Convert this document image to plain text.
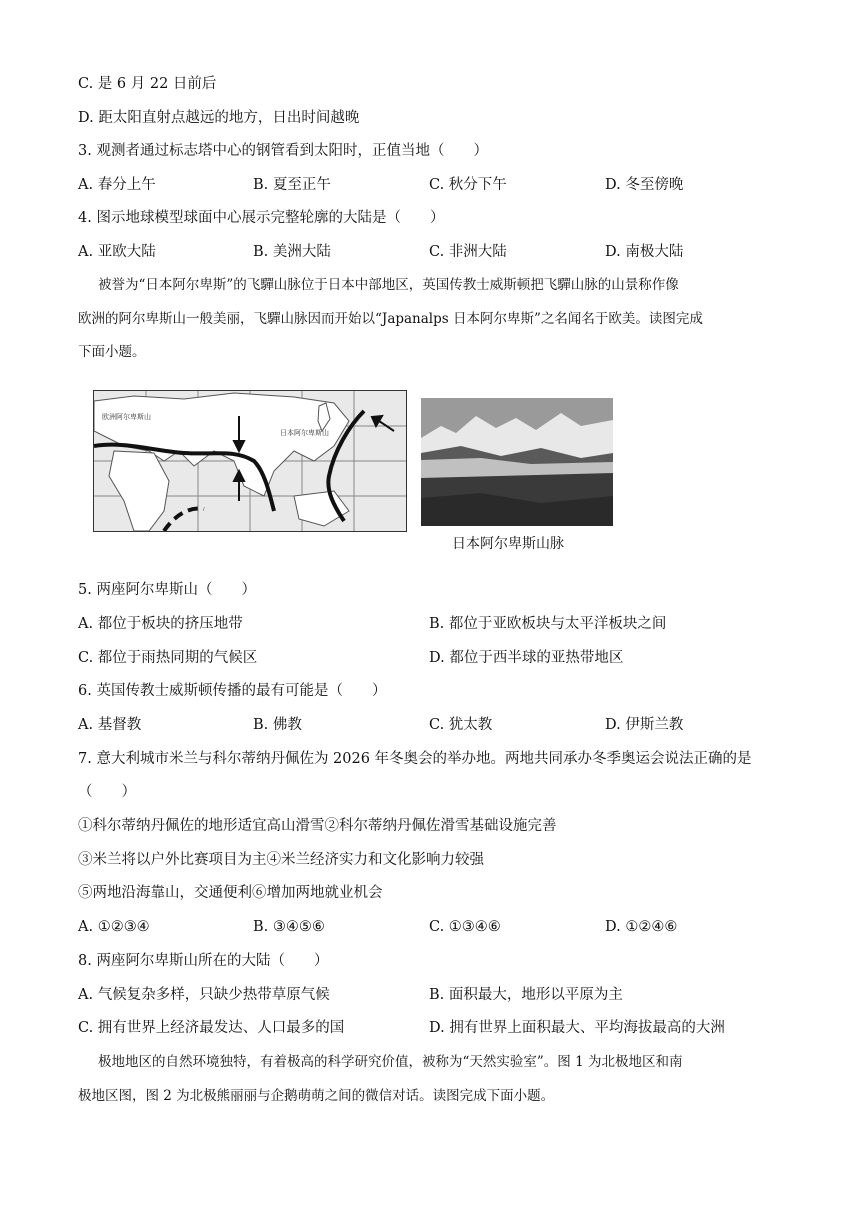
C. 是 6 月 22 日前后
D. 距太阳直射点越远的地方，日出时间越晚
3. 观测者通过标志塔中心的钢管看到太阳时，正值当地（　　）
A. 春分上午	B. 夏至正午	C. 秋分下午	D. 冬至傍晚
4. 图示地球模型球面中心展示完整轮廓的大陆是（　　）
A. 亚欧大陆	B. 美洲大陆	C. 非洲大陆	D. 南极大陆
被誉为“日本阿尔卑斯”的飞驒山脉位于日本中部地区，英国传教士威斯顿把飞驒山脉的山景称作像
欧洲的阿尔卑斯山一般美丽，飞驒山脉因而开始以“Japanalps 日本阿尔卑斯”之名闻名于欧美。读图完成
下面小题。
欧洲阿尔卑斯山
日本阿尔卑斯山
日本阿尔卑斯山脉
5. 两座阿尔卑斯山（　　）
A. 都位于板块的挤压地带	B. 都位于亚欧板块与太平洋板块之间
C. 都位于雨热同期的气候区	D. 都位于西半球的亚热带地区
6. 英国传教士威斯顿传播的最有可能是（　　）
A. 基督教	B. 佛教	C. 犹太教	D. 伊斯兰教
7. 意大利城市米兰与科尔蒂纳丹佩佐为 2026 年冬奥会的举办地。两地共同承办冬季奥运会说法正确的是
（　　）
①科尔蒂纳丹佩佐的地形适宜高山滑雪②科尔蒂纳丹佩佐滑雪基础设施完善
③米兰将以户外比赛项目为主④米兰经济实力和文化影响力较强
⑤两地沿海靠山，交通便利⑥增加两地就业机会
A. ①②③④	B. ③④⑤⑥	C. ①③④⑥	D. ①②④⑥
8. 两座阿尔卑斯山所在的大陆（　　）
A. 气候复杂多样，只缺少热带草原气候	B. 面积最大，地形以平原为主
C. 拥有世界上经济最发达、人口最多的国	D. 拥有世界上面积最大、平均海拔最高的大洲
极地地区的自然环境独特，有着极高的科学研究价值，被称为“天然实验室”。图 1 为北极地区和南
极地区图，图 2 为北极熊丽丽与企鹅萌萌之间的微信对话。读图完成下面小题。
